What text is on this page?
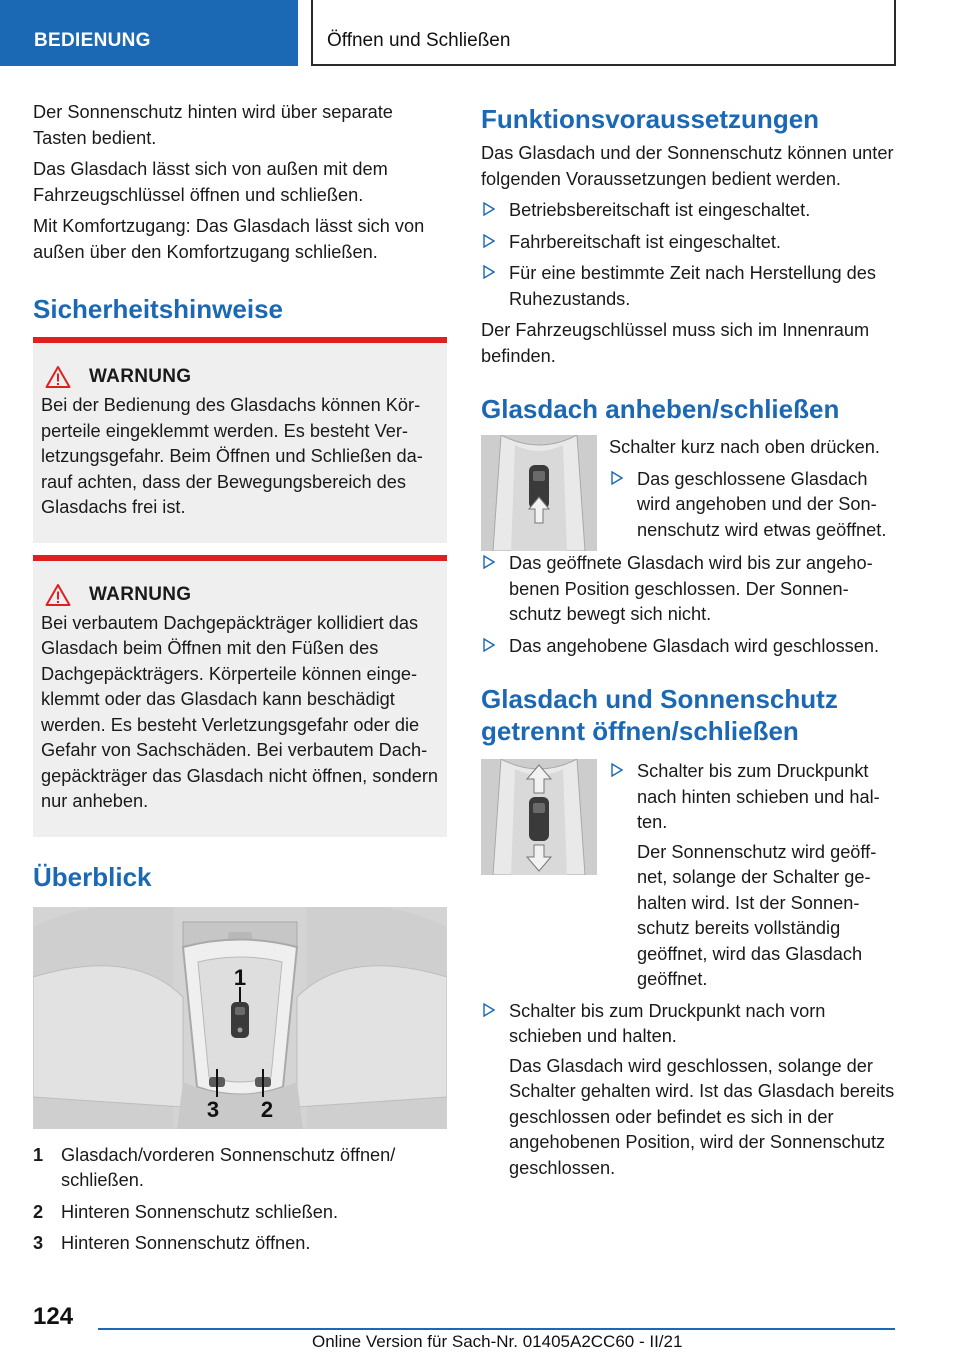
BEDIENUNG	Öffnen und Schließen

Der Sonnenschutz hinten wird über separate Tasten bedient.

Das Glasdach lässt sich von außen mit dem Fahrzeugschlüssel öffnen und schließen.

Mit Komfortzugang: Das Glasdach lässt sich von außen über den Komfortzugang schließen.

Sicherheitshinweise
WARNUNG

Bei der Bedienung des Glasdachs können Körperteile eingeklemmt werden. Es besteht Verletzungsgefahr. Beim Öffnen und Schließen darauf achten, dass der Bewegungsbereich des Glasdachs frei ist.

WARNUNG

Bei verbautem Dachgepäckträger kollidiert das Glasdach beim Öffnen mit den Füßen des Dachgepäckträgers. Körperteile können eingeklemmt oder das Glasdach kann beschädigt werden. Es besteht Verletzungsgefahr oder die Gefahr von Sachschäden. Bei verbautem Dachgepäckträger das Glasdach nicht öffnen, sondern nur anheben.

Überblick
1
2
3
1 Glasdach/vorderen Sonnenschutz öffnen/ schließen.
2 Hinteren Sonnenschutz schließen.
3 Hinteren Sonnenschutz öffnen.
Funktionsvoraussetzungen

Das Glasdach und der Sonnenschutz können unter folgenden Voraussetzungen bedient werden.

Betriebsbereitschaft ist eingeschaltet.
Fahrbereitschaft ist eingeschaltet.
Für eine bestimmte Zeit nach Herstellung des Ruhezustands.

Der Fahrzeugschlüssel muss sich im Innenraum befinden.

Glasdach anheben/schließen

Schalter kurz nach oben drücken.

Das geschlossene Glasdach wird angehoben und der Sonnenschutz wird etwas geöffnet.
Das geöffnete Glasdach wird bis zur angehobenen Position geschlossen. Der Sonnenschutz bewegt sich nicht.
Das angehobene Glasdach wird geschlossen.
Glasdach und Sonnenschutz
getrennt öffnen/schließen
Schalter bis zum Druckpunkt nach hinten schieben und halten.

Der Sonnenschutz wird geöffnet, solange der Schalter gehalten wird. Ist der Sonnenschutz bereits vollständig geöffnet, wird das Glasdach geöffnet.

Schalter bis zum Druckpunkt nach vorn schieben und halten.

Das Glasdach wird geschlossen, solange der Schalter gehalten wird. Ist das Glasdach bereits geschlossen oder befindet es sich in der angehobenen Position, wird der Sonnenschutz geschlossen.

124
Online Version für Sach-Nr. 01405A2CC60 - II/21
